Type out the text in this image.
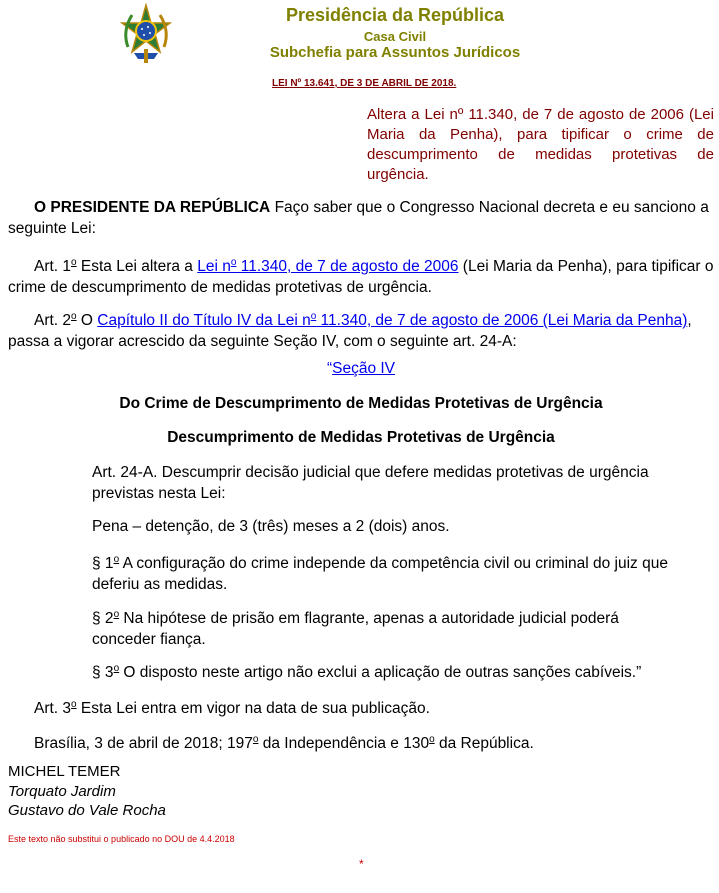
Presidência da República
Casa Civil
Subchefia para Assuntos Jurídicos
LEI Nº 13.641, DE 3 DE ABRIL DE 2018.
Altera a Lei nº 11.340, de 7 de agosto de 2006 (Lei Maria da Penha), para tipificar o crime de descumprimento de medidas protetivas de urgência.
O PRESIDENTE DA REPÚBLICA Faço saber que o Congresso Nacional decreta e eu sanciono a seguinte Lei:
Art. 1$^o$ Esta Lei altera a Lei $n^o$ 11.340, de 7 de agosto de 2006 (Lei Maria da Penha), para tipificar o crime de descumprimento de medidas protetivas de urgência.
Art. 2$^o$ O Capítulo II do Título IV da Lei $n^o$ 11.340, de 7 de agosto de 2006 (Lei Maria da Penha), passa a vigorar acrescido da seguinte Seção IV, com o seguinte art. 24-A:
“Seção IV
Do Crime de Descumprimento de Medidas Protetivas de Urgência
Descumprimento de Medidas Protetivas de Urgência
Art. 24-A. Descumprir decisão judicial que defere medidas protetivas de urgência previstas nesta Lei:
Pena – detenção, de 3 (três) meses a 2 (dois) anos.
§ 1$^o$ A configuração do crime independe da competência civil ou criminal do juiz que deferiu as medidas.
§ 2$^o$ Na hipótese de prisão em flagrante, apenas a autoridade judicial poderá conceder fiança.
§ 3$^o$ O disposto neste artigo não exclui a aplicação de outras sanções cabíveis.”
Art. 3$^o$ Esta Lei entra em vigor na data de sua publicação.
Brasília, 3 de abril de 2018; 197$^o$ da Independência e 130$^o$ da República.
MICHEL TEMER
Torquato Jardim
Gustavo do Vale Rocha
Este texto não substitui o publicado no DOU de 4.4.2018
*
